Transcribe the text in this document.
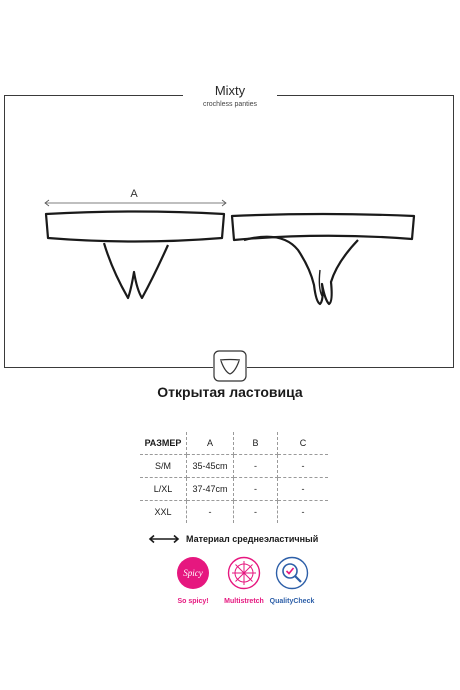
Mixty
crochless panties
A
Открытая ластовица
РАЗМЕР	A	B	C
S/M	35-45cm	-	-
L/XL	37-47cm	-	-
XXL	-	-	-
Материал среднеэластичный
Spicy
So spicy!	Multistretch QualityCheck
